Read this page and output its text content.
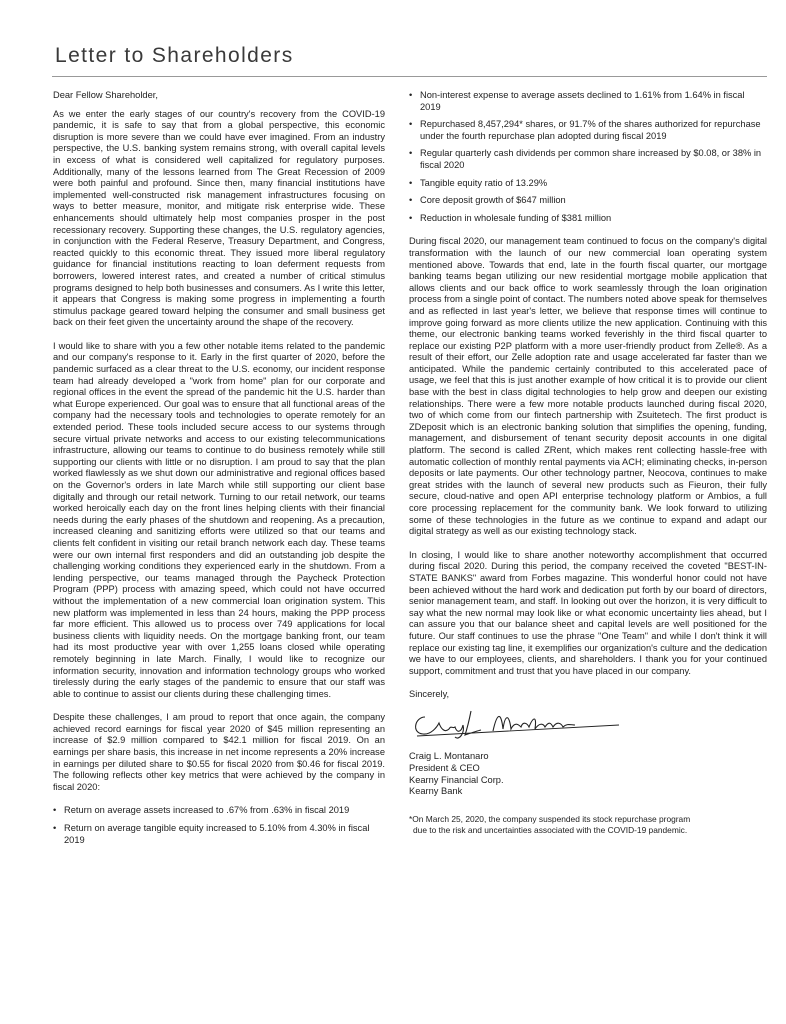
Letter to Shareholders

Dear Fellow Shareholder,

As we enter the early stages of our country's recovery from the COVID-19 pandemic, it is safe to say that from a global perspective, this economic disruption is more severe than we could have ever imagined. From an industry perspective, the U.S. banking system remains strong, with overall capital levels in excess of what is considered well capitalized for regulatory purposes. Additionally, many of the lessons learned from The Great Recession of 2009 were both painful and profound. Since then, many financial institutions have implemented well-constructed risk management infrastructures focusing on ways to better measure, monitor, and mitigate risk enterprise wide. These enhancements should ultimately help most companies prosper in the post recessionary recovery. Supporting these changes, the U.S. regulatory agencies, in conjunction with the Federal Reserve, Treasury Department, and Congress, reacted quickly to this economic threat. They issued more liberal regulatory guidance for financial institutions reacting to loan deferment requests from borrowers, lowered interest rates, and created a number of critical stimulus programs designed to help both businesses and consumers. As I write this letter, it appears that Congress is making some progress in implementing a fourth stimulus package geared toward helping the consumer and small business get back on their feet given the uncertainty around the shape of the recovery.

I would like to share with you a few other notable items related to the pandemic and our company's response to it. Early in the first quarter of 2020, before the pandemic surfaced as a clear threat to the U.S. economy, our incident response team had already developed a "work from home" plan for our corporate and regional offices in the event the spread of the pandemic hit the U.S. harder than what Europe experienced. Our goal was to ensure that all functional areas of the company had the necessary tools and technologies to operate remotely for an extended period. These tools included secure access to our systems through secure virtual private networks and access to our existing telecommunications infrastructure, allowing our teams to continue to do business remotely while still supporting our clients with little or no disruption. I am proud to say that the plan worked flawlessly as we shut down our administrative and regional offices based on the Governor's orders in late March while still supporting our client base digitally and through our retail network. Turning to our retail network, our teams worked heroically each day on the front lines helping clients with their financial needs during the early phases of the shutdown and reopening. As a precaution, increased cleaning and sanitizing efforts were utilized so that our teams and clients felt confident in visiting our retail branch network each day. These teams were our own internal first responders and did an outstanding job despite the challenging working conditions they experienced early in the shutdown. From a lending perspective, our teams managed through the Paycheck Protection Program (PPP) process with amazing speed, which could not have occurred without the implementation of a new commercial loan origination system. This new platform was implemented in less than 24 hours, making the PPP process far more efficient. This allowed us to process over 749 applications for local business clients with liquidity needs. On the mortgage banking front, our team had its most productive year with over 1,255 loans closed while operating remotely beginning in late March. Finally, I would like to recognize our information security, innovation and information technology groups who worked tirelessly during the early stages of the pandemic to ensure that our staff was able to continue to assist our clients during these challenging times.

Despite these challenges, I am proud to report that once again, the company achieved record earnings for fiscal year 2020 of $45 million representing an increase of $2.9 million compared to $42.1 million for fiscal 2019. On an earnings per share basis, this increase in net income represents a 20% increase in earnings per diluted share to $0.55 for fiscal 2020 from $0.46 for fiscal 2019. The following reflects other key metrics that were achieved by the company in fiscal 2020:

• Return on average assets increased to .67% from .63% in fiscal 2019
• Return on average tangible equity increased to 5.10% from 4.30% in fiscal 2019
• Non-interest expense to average assets declined to 1.61% from 1.64% in fiscal 2019
• Repurchased 8,457,294* shares, or 91.7% of the shares authorized for repurchase under the fourth repurchase plan adopted during fiscal 2019
• Regular quarterly cash dividends per common share increased by $0.08, or 38% in fiscal 2020
• Tangible equity ratio of 13.29%
• Core deposit growth of $647 million
• Reduction in wholesale funding of $381 million

During fiscal 2020, our management team continued to focus on the company's digital transformation with the launch of our new commercial loan operating system mentioned above. Towards that end, late in the fourth fiscal quarter, our mortgage banking teams began utilizing our new residential mortgage mobile application that allows clients and our back office to work seamlessly through the loan origination process from a single point of contact. The numbers noted above speak for themselves and as reflected in last year's letter, we believe that response times will continue to improve going forward as more clients utilize the new application. Continuing with this theme, our electronic banking teams worked feverishly in the third fiscal quarter to replace our existing P2P platform with a more user-friendly product from Zelle®. As a result of their effort, our Zelle adoption rate and usage accelerated far faster than we anticipated. While the pandemic certainly contributed to this accelerated pace of usage, we feel that this is just another example of how critical it is to provide our client base with the best in class digital technologies to help grow and deepen our existing relationships. There were a few more notable products launched during fiscal 2020, two of which come from our fintech partnership with Zsuitetech. The first product is ZDeposit which is an electronic banking solution that simplifies the opening, funding, management, and disbursement of tenant security deposit accounts in one digital platform. The second is called ZRent, which makes rent collecting hassle-free with automatic collection of monthly rental payments via ACH; eliminating checks, in-person deposits or late payments. Our other technology partner, Neocova, continues to make great strides with the launch of several new products such as Fieuron, their fully secure, cloud-native and open API enterprise technology platform or Ambios, a full core processing replacement for the community bank. We look forward to utilizing some of these technologies in the future as we continue to expand and adapt our digital strategy as well as our existing technology stack.

In closing, I would like to share another noteworthy accomplishment that occurred during fiscal 2020. During this period, the company received the coveted "BEST-IN-STATE BANKS" award from Forbes magazine. This wonderful honor could not have been achieved without the hard work and dedication put forth by our board of directors, senior management team, and staff. In looking out over the horizon, it is very difficult to say what the new normal may look like or what economic uncertainty lies ahead, but I can assure you that our balance sheet and capital levels are well positioned for the future. Our staff continues to use the phrase "One Team" and while I don't think it will replace our existing tag line, it exemplifies our organization's culture and the dedication we have to our employees, clients, and shareholders. I thank you for your continued support, commitment and trust that you have placed in our company.

Sincerely,
Craig L. Montanaro
President & CEO
Kearny Financial Corp.
Kearny Bank
*On March 25, 2020, the company suspended its stock repurchase program
due to the risk and uncertainties associated with the COVID-19 pandemic.
